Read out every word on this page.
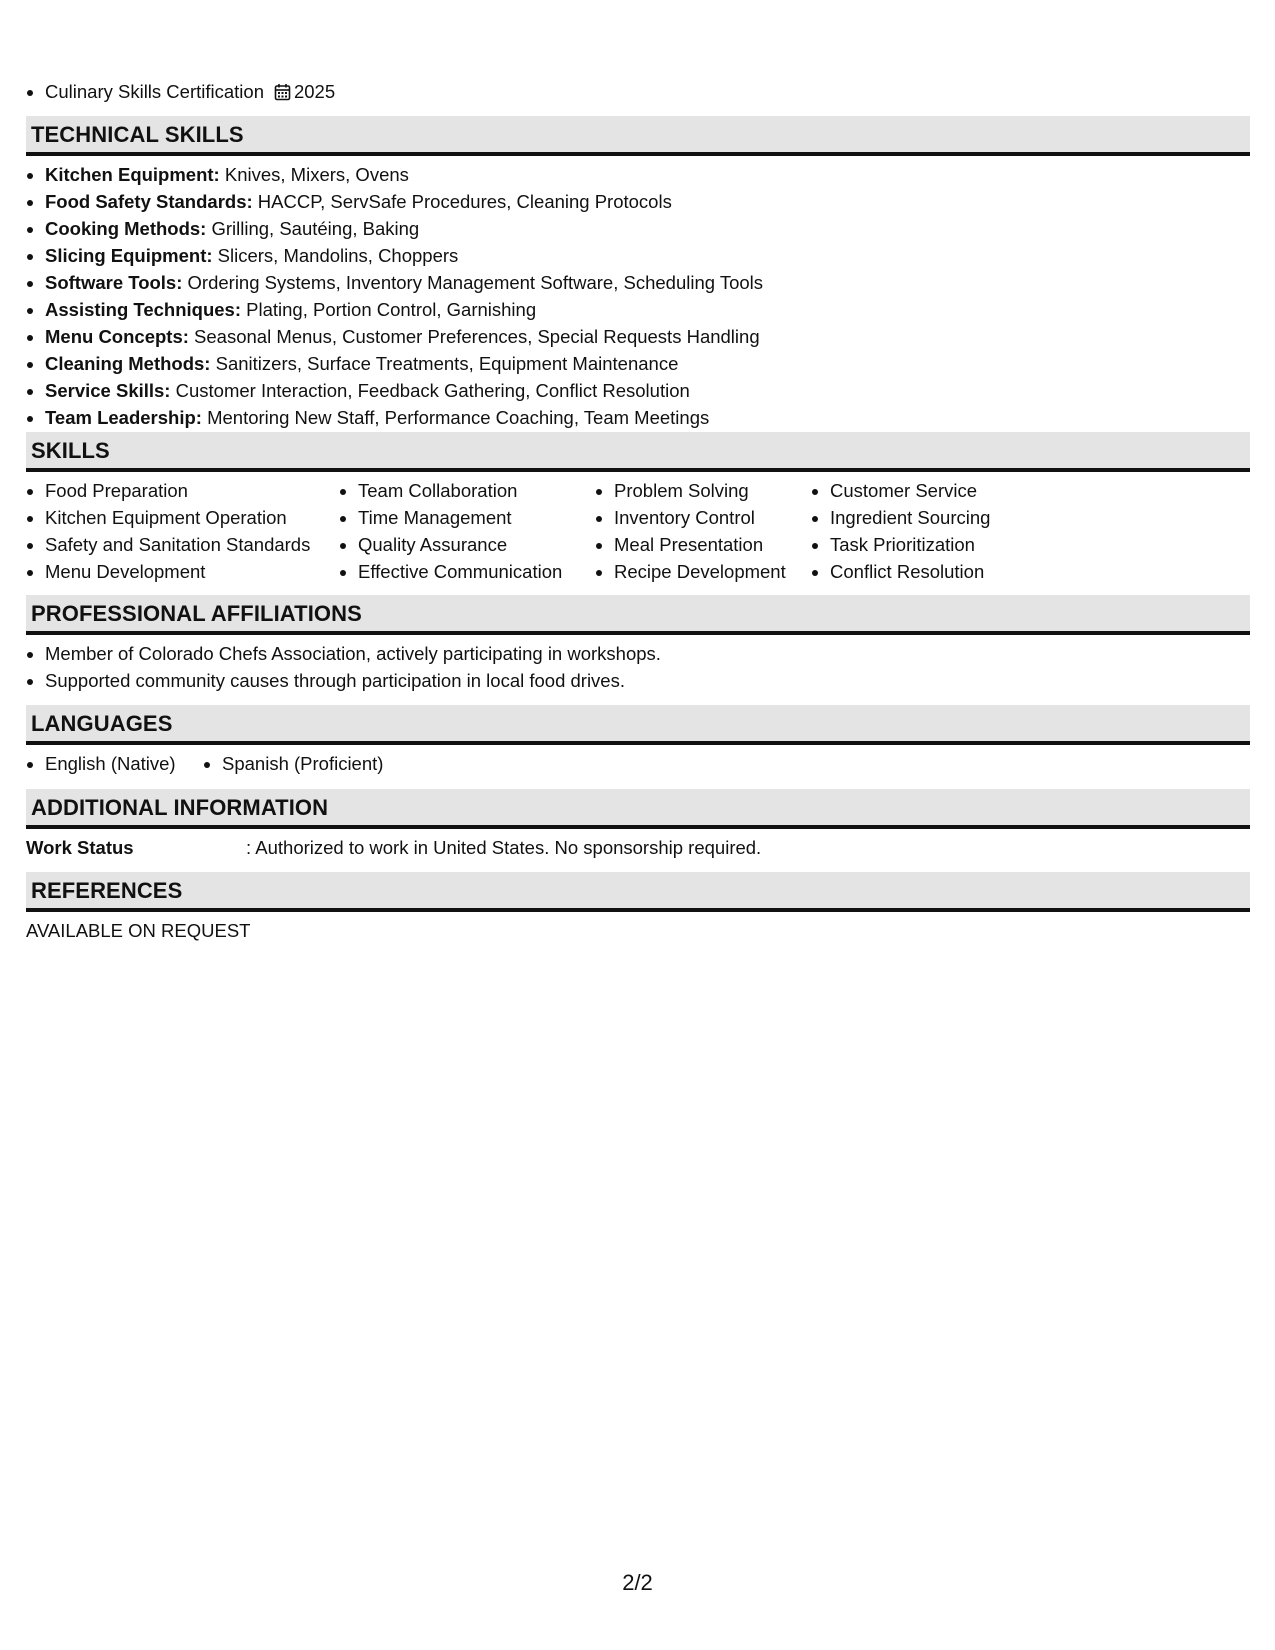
• Culinary Skills Certification 2025
TECHNICAL SKILLS
• Kitchen Equipment: Knives, Mixers, Ovens
• Food Safety Standards: HACCP, ServSafe Procedures, Cleaning Protocols
• Cooking Methods: Grilling, Sautéing, Baking
• Slicing Equipment: Slicers, Mandolins, Choppers
• Software Tools: Ordering Systems, Inventory Management Software, Scheduling Tools
• Assisting Techniques: Plating, Portion Control, Garnishing
• Menu Concepts: Seasonal Menus, Customer Preferences, Special Requests Handling
• Cleaning Methods: Sanitizers, Surface Treatments, Equipment Maintenance
• Service Skills: Customer Interaction, Feedback Gathering, Conflict Resolution
• Team Leadership: Mentoring New Staff, Performance Coaching, Team Meetings
SKILLS
• Food Preparation
• Kitchen Equipment Operation
• Safety and Sanitation Standards
• Menu Development
• Team Collaboration
• Time Management
• Quality Assurance
• Effective Communication
• Problem Solving
• Inventory Control
• Meal Presentation
• Recipe Development
• Customer Service
• Ingredient Sourcing
• Task Prioritization
• Conflict Resolution
PROFESSIONAL AFFILIATIONS
• Member of Colorado Chefs Association, actively participating in workshops.
• Supported community causes through participation in local food drives.
LANGUAGES
• English (Native)
•	Spanish (Proficient)
ADDITIONAL INFORMATION
Work Status	: Authorized to work in United States. No sponsorship required.
REFERENCES
AVAILABLE ON REQUEST
2/2
